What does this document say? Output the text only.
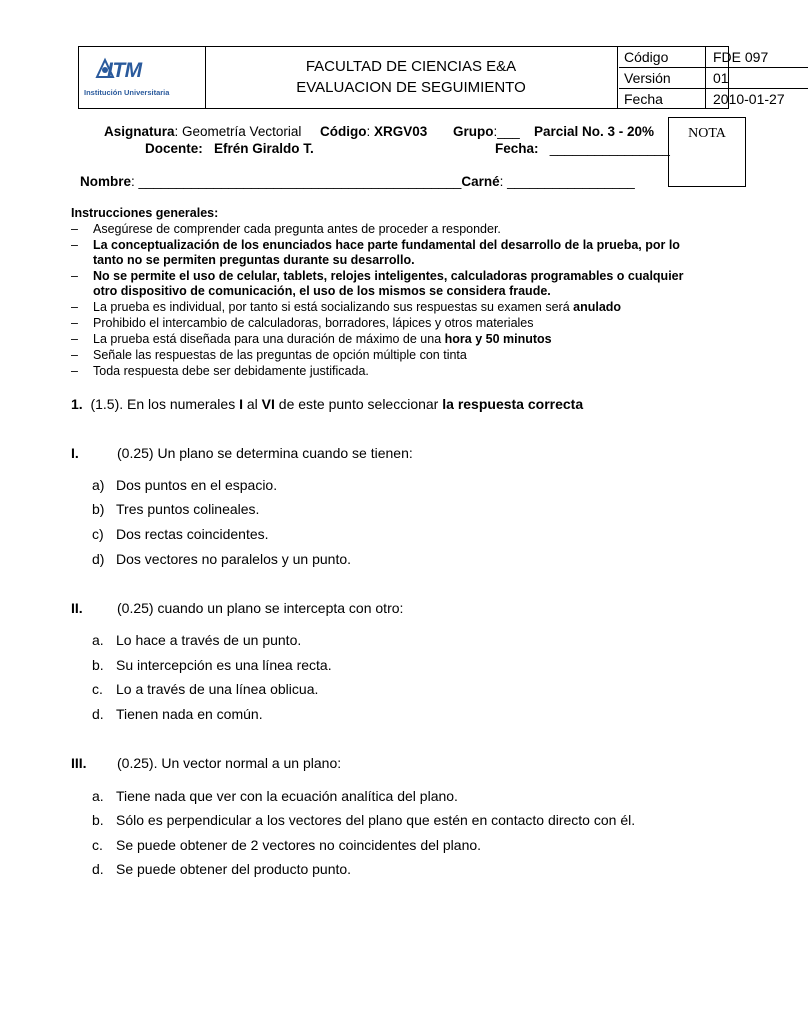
ITM
Institución Universitaria
FACULTAD DE CIENCIAS E&A
EVALUACION DE SEGUIMIENTO
Código	FDE 097
Versión	01
Fecha	2010-01-27
NOTA
Asignatura: Geometría Vectorial Código: XRGV03 Grupo:___ Parcial No. 3 - 20%
Docente: Efrén Giraldo T.	Fecha: ________________
Nombre: ___________________________________________Carné: _________________
Instrucciones generales:
– Asegúrese de comprender cada pregunta antes de proceder a responder.
– La conceptualización de los enunciados hace parte fundamental del desarrollo de la prueba, por lo tanto no se permiten preguntas durante su desarrollo.
– No se permite el uso de celular, tablets, relojes inteligentes, calculadoras programables o cualquier otro dispositivo de comunicación, el uso de los mismos se considera fraude.
– La prueba es individual, por tanto si está socializando sus respuestas su examen será anulado
– Prohibido el intercambio de calculadoras, borradores, lápices y otros materiales
– La prueba está diseñada para una duración de máximo de una hora y 50 minutos
– Señale las respuestas de las preguntas de opción múltiple con tinta
– Toda respuesta debe ser debidamente justificada.
1. (1.5). En los numerales I al VI de este punto seleccionar la respuesta correcta
I.	(0.25) Un plano se determina cuando se tienen:
a) Dos puntos en el espacio.
b) Tres puntos colineales.
c) Dos rectas coincidentes.
d) Dos vectores no paralelos y un punto.
II. (0.25) cuando un plano se intercepta con otro:
a. Lo hace a través de un punto.
b. Su intercepción es una línea recta.
c. Lo a través de una línea oblicua.
d. Tienen nada en común.
III. (0.25). Un vector normal a un plano:
a. Tiene nada que ver con la ecuación analítica del plano.
b. Sólo es perpendicular a los vectores del plano que estén en contacto directo con él.
c. Se puede obtener de 2 vectores no coincidentes del plano.
d. Se puede obtener del producto punto.
